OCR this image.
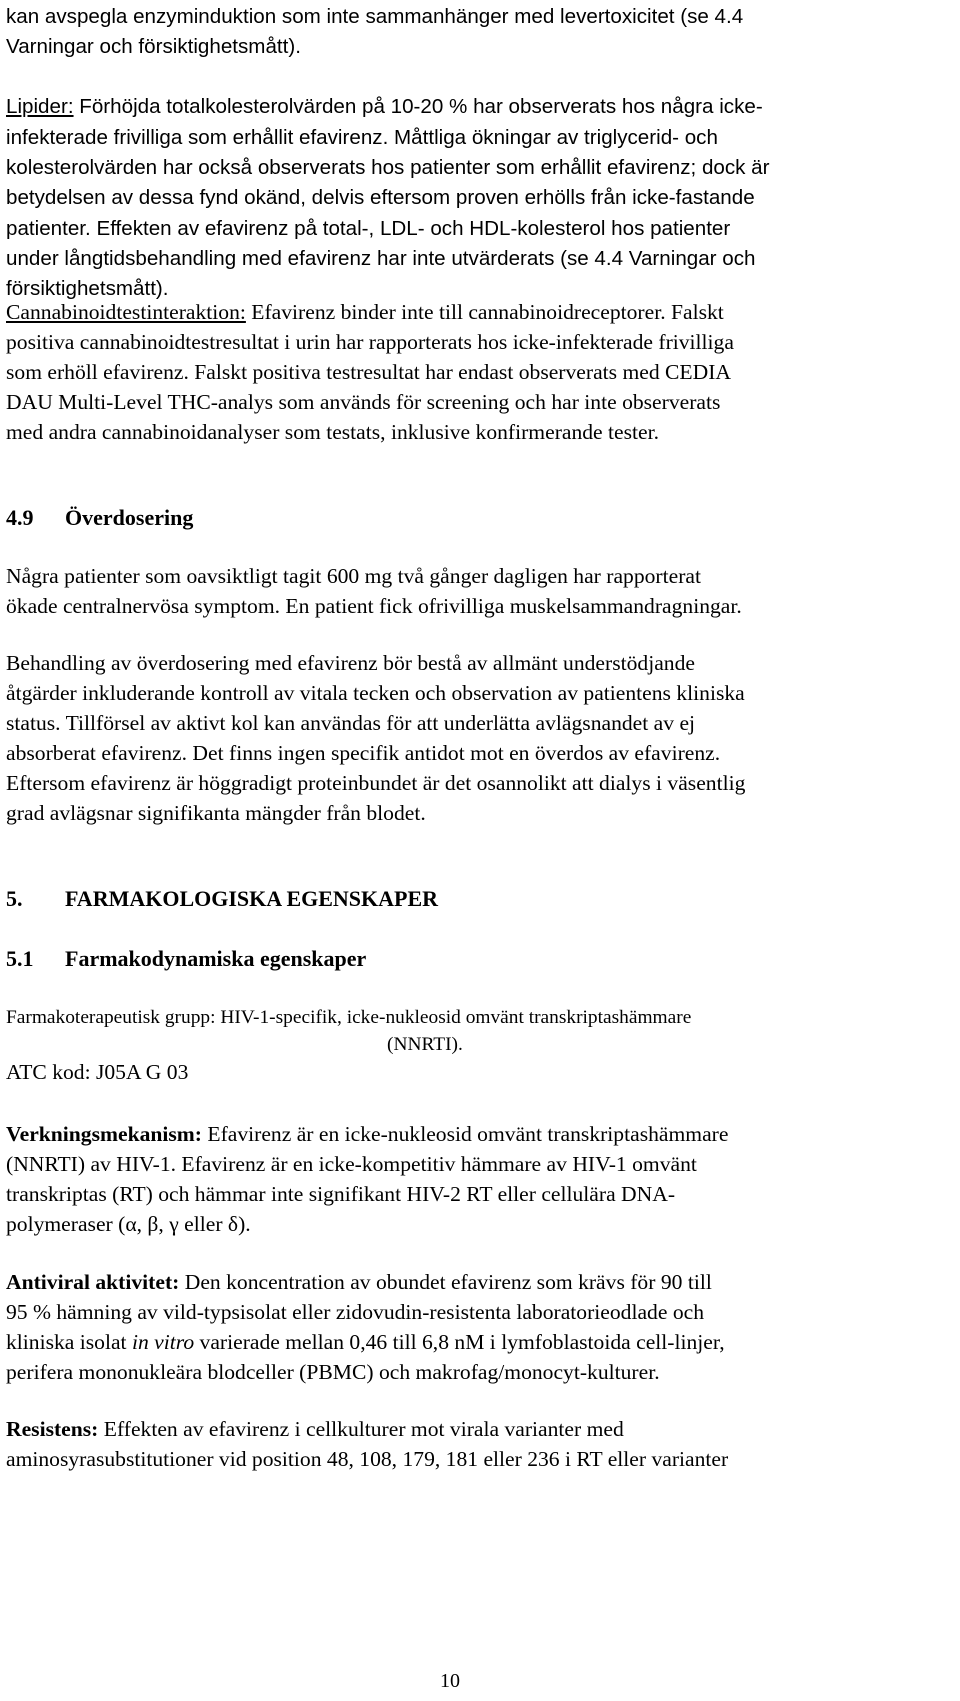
kan avspegla enzyminduktion som inte sammanhänger med levertoxicitet (se 4.4
Varningar och försiktighetsmått).
Lipider: Förhöjda totalkolesterolvärden på 10-20 % har observerats hos några icke-
infekterade frivilliga som erhållit efavirenz. Måttliga ökningar av triglycerid- och
kolesterolvärden har också observerats hos patienter som erhållit efavirenz; dock är
betydelsen av dessa fynd okänd, delvis eftersom proven erhölls från icke-fastande
patienter. Effekten av efavirenz på total-, LDL- och HDL-kolesterol hos patienter
under långtidsbehandling med efavirenz har inte utvärderats (se 4.4 Varningar och
försiktighetsmått).
Cannabinoidtestinteraktion: Efavirenz binder inte till cannabinoidreceptorer. Falskt
positiva cannabinoidtestresultat i urin har rapporterats hos icke-infekterade frivilliga
som erhöll efavirenz. Falskt positiva testresultat har endast observerats med CEDIA
DAU Multi-Level THC-analys som används för screening och har inte observerats
med andra cannabinoidanalyser som testats, inklusive konfirmerande tester.
4.9 Överdosering
Några patienter som oavsiktligt tagit 600 mg två gånger dagligen har rapporterat
ökade centralnervösa symptom. En patient fick ofrivilliga muskelsammandragningar.
Behandling av överdosering med efavirenz bör bestå av allmänt understödjande
åtgärder inkluderande kontroll av vitala tecken och observation av patientens kliniska
status. Tillförsel av aktivt kol kan användas för att underlätta avlägsnandet av ej
absorberat efavirenz. Det finns ingen specifik antidot mot en överdos av efavirenz.
Eftersom efavirenz är höggradigt proteinbundet är det osannolikt att dialys i väsentlig
grad avlägsnar signifikanta mängder från blodet.
5. FARMAKOLOGISKA EGENSKAPER
5.1 Farmakodynamiska egenskaper
Farmakoterapeutisk grupp: HIV-1-specifik, icke-nukleosid omvänt transkriptashämmare
(NNRTI).
ATC kod: J05A G 03
Verkningsmekanism: Efavirenz är en icke-nukleosid omvänt transkriptashämmare
(NNRTI) av HIV-1. Efavirenz är en icke-kompetitiv hämmare av HIV-1 omvänt
transkriptas (RT) och hämmar inte signifikant HIV-2 RT eller cellulära DNA-
polymeraser (α, β, γ eller δ).
Antiviral aktivitet: Den koncentration av obundet efavirenz som krävs för 90 till
95 % hämning av vild-typsisolat eller zidovudin-resistenta laboratorieodlade och
kliniska isolat in vitro varierade mellan 0,46 till 6,8 nM i lymfoblastoida cell-linjer,
perifera mononukleära blodceller (PBMC) och makrofag/monocyt-kulturer.
Resistens: Effekten av efavirenz i cellkulturer mot virala varianter med
aminosyrasubstitutioner vid position 48, 108, 179, 181 eller 236 i RT eller varianter
10
